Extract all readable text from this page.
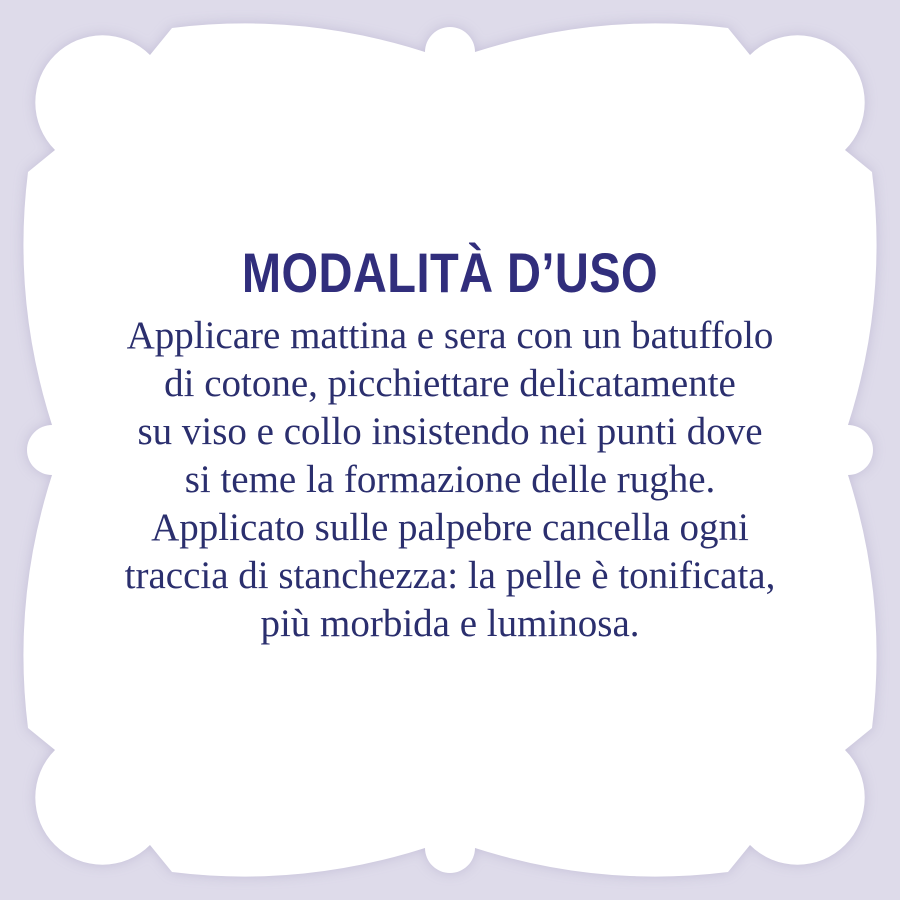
MODALITÀ D’USO

Applicare mattina e sera con un batuffolo

di cotone, picchiettare delicatamente

su viso e collo insistendo nei punti dove

si teme la formazione delle rughe.

Applicato sulle palpebre cancella ogni

traccia di stanchezza: la pelle è tonificata,

più morbida e luminosa.
